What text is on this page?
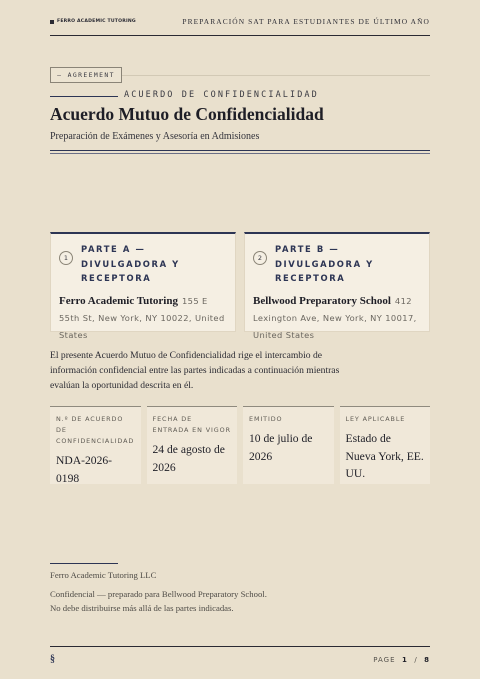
FERRO ACADEMIC TUTORING	PREPARACIÓN SAT PARA ESTUDIANTES DE ÚLTIMO AÑO
— AGREEMENT
ACUERDO DE CONFIDENCIALIDAD
Acuerdo Mutuo de Confidencialidad
Preparación de Exámenes y Asesoría en Admisiones
1
PARTE A — DIVULGADORA Y RECEPTORA
Ferro Academic Tutoring 155 E 55th St, New York, NY 10022, United States
2
PARTE B — DIVULGADORA Y RECEPTORA
Bellwood Preparatory School 412 Lexington Ave, New York, NY 10017, United States

El presente Acuerdo Mutuo de Confidencialidad rige el intercambio de información confidencial entre las partes indicadas a continuación mientras evalúan la oportunidad descrita en él.

N.º DE ACUERDO DE CONFIDENCIALIDAD
NDA-2026-0198
FECHA DE ENTRADA EN VIGOR
24 de agosto de 2026
EMITIDO
10 de julio de 2026
LEY APLICABLE
Estado de Nueva York, EE. UU.
Ferro Academic Tutoring LLC
Confidencial — preparado para Bellwood Preparatory School. No debe distribuirse más allá de las partes indicadas.
§	PAGE 1 / 8
